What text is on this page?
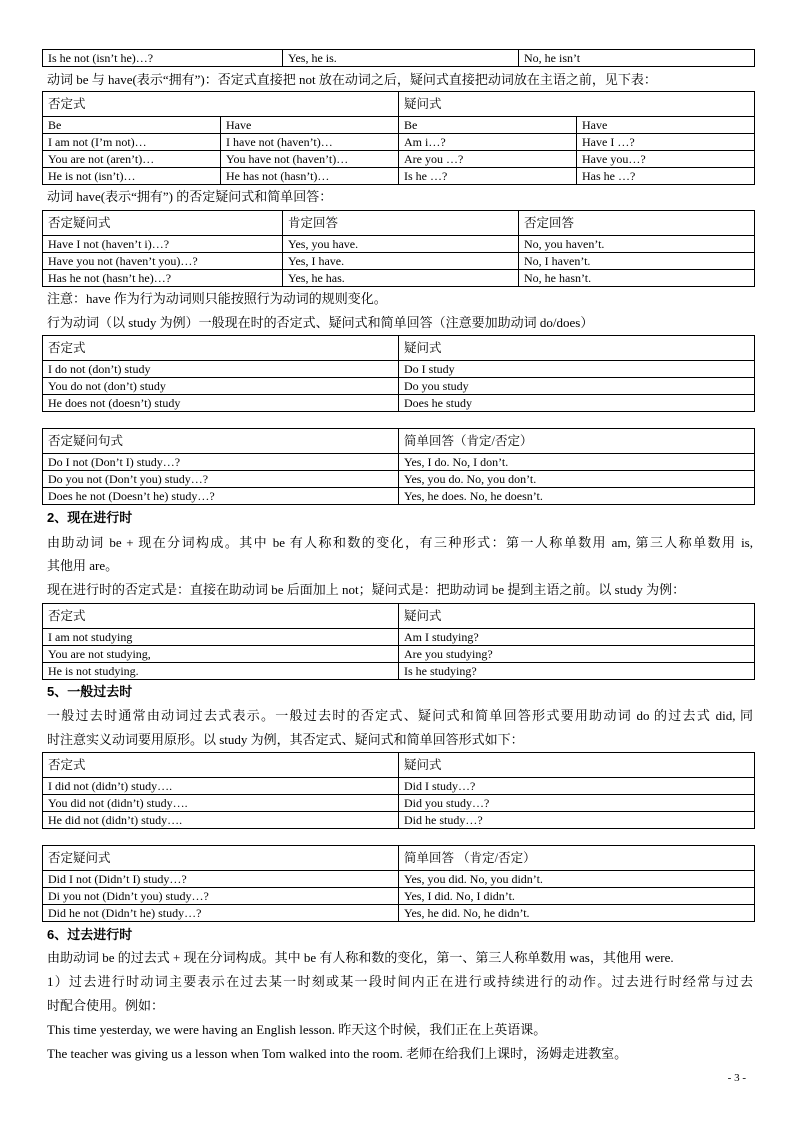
Is he not (isn’t he)…?	Yes, he is.	No, he isn’t
动词 be 与 have(表示“拥有”)：否定式直接把 not 放在动词之后，疑问式直接把动词放在主语之前，见下表：
否定式		疑问式	
Be	Have	Be	Have
I am not (I’m not)…	I have not (haven’t)…	Am i…?	Have I …?
You are not (aren’t)…	You have not (haven’t)…	Are you …?	Have you…?
He is not (isn’t)…	He has not (hasn’t)…	Is he …?	Has he …?
动词 have(表示“拥有”) 的否定疑问式和简单回答：
否定疑问式	肯定回答	否定回答
Have I not (haven’t i)…?	Yes, you have.	No, you haven’t.
Have you not (haven’t you)…?	Yes, I have.	No, I haven’t.
Has he not (hasn’t he)…?	Yes, he has.	No, he hasn’t.
注意：have 作为行为动词则只能按照行为动词的规则变化。
行为动词（以 study 为例）一般现在时的否定式、疑问式和简单回答（注意要加助动词 do/does）
否定式	疑问式
I do not (don’t) study	Do I study
You do not (don’t) study	Do you study
He does not (doesn’t) study	Does he study
否定疑问句式	简单回答（肯定/否定）
Do I not (Don’t I) study…?	Yes, I do. No, I don’t.
Do you not (Don’t you) study…?	Yes, you do. No, you don’t.
Does he not (Doesn’t he) study…?	Yes, he does. No, he doesn’t.
2、现在进行时
由助动词 be + 现在分词构成。其中 be 有人称和数的变化，有三种形式：第一人称单数用 am, 第三人称单数用 is,
其他用 are。
现在进行时的否定式是：直接在助动词 be 后面加上 not；疑问式是：把助动词 be 提到主语之前。以 study 为例：
否定式	疑问式
I am not studying	Am I studying?
You are not studying,	Are you studying?
He is not studying.	Is he studying?
5、一般过去时
一般过去时通常由动词过去式表示。一般过去时的否定式、疑问式和简单回答形式要用助动词 do 的过去式 did, 同
时注意实义动词要用原形。以 study 为例，其否定式、疑问式和简单回答形式如下：
否定式	疑问式
I did not (didn’t) study….	Did I study…?
You did not (didn’t) study….	Did you study…?
He did not (didn’t) study….	Did he study…?
否定疑问式	简单回答 （肯定/否定）
Did I not (Didn’t I) study…?	Yes, you did. No, you didn’t.
Di you not (Didn’t you) study…?	Yes, I did. No, I didn’t.
Did he not (Didn’t he) study…?	Yes, he did. No, he didn’t.
6、过去进行时
由助动词 be 的过去式 + 现在分词构成。其中 be 有人称和数的变化，第一、第三人称单数用 was，其他用 were.
1）过去进行时动词主要表示在过去某一时刻或某一段时间内正在进行或持续进行的动作。过去进行时经常与过去
时配合使用。例如：
This time yesterday, we were having an English lesson. 昨天这个时候，我们正在上英语课。
The teacher was giving us a lesson when Tom walked into the room. 老师在给我们上课时，汤姆走进教室。
- 3 -
